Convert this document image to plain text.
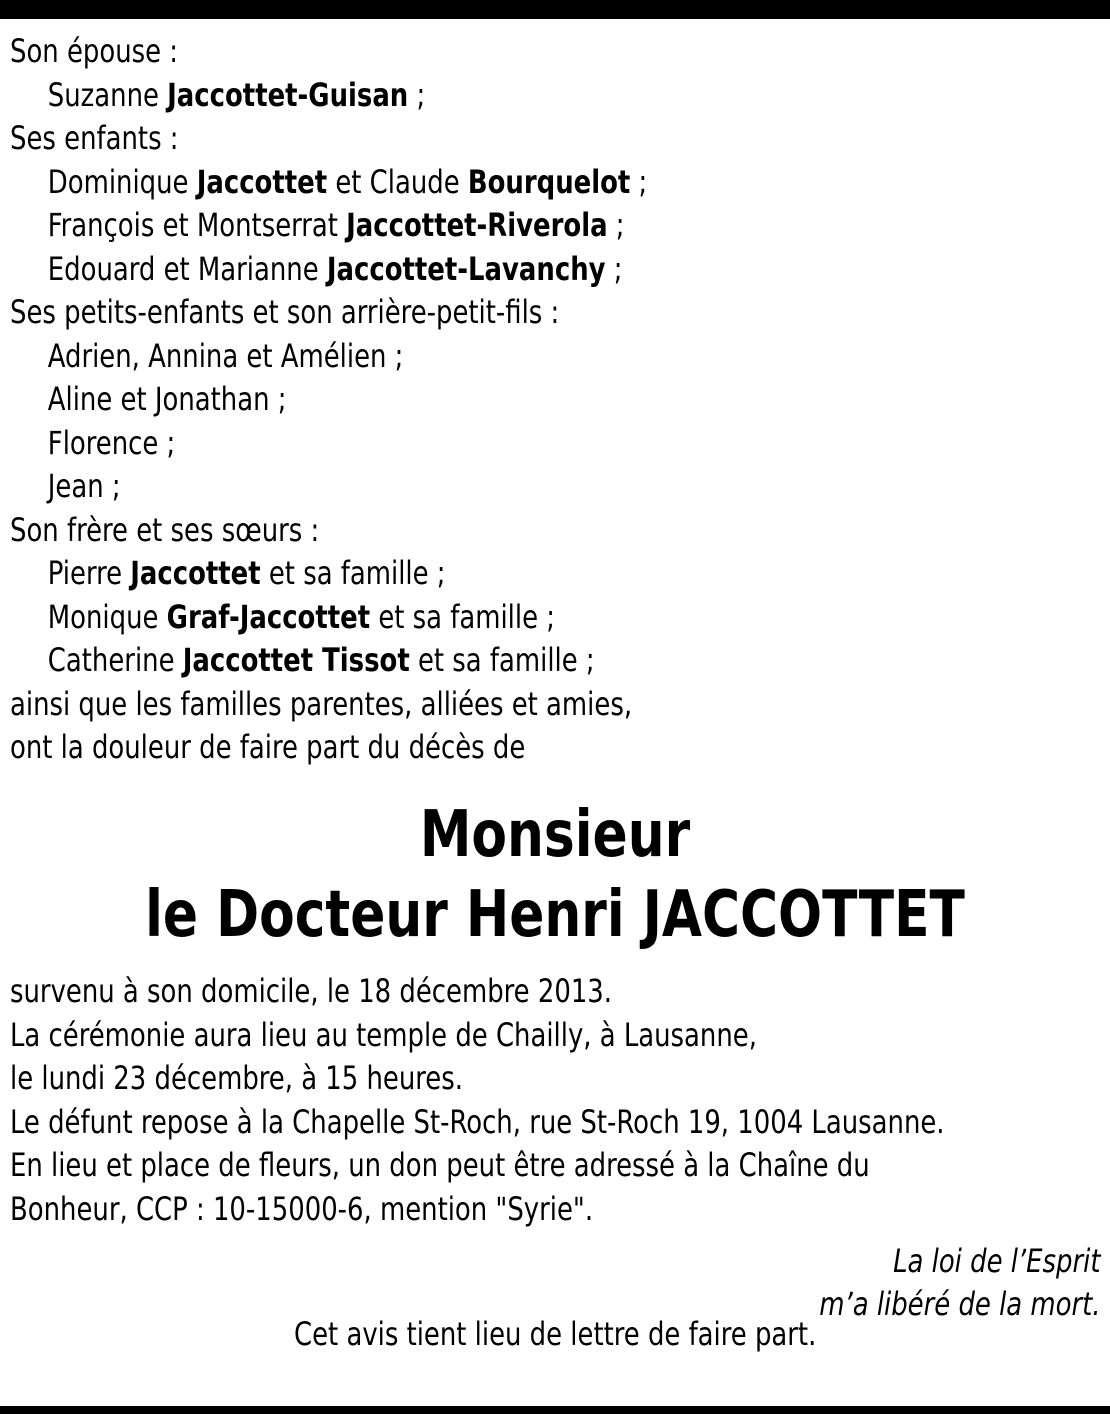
Son épouse :
Suzanne Jaccottet-Guisan ;
Ses enfants :
Dominique Jaccottet et Claude Bourquelot ;
François et Montserrat Jaccottet-Riverola ;
Edouard et Marianne Jaccottet-Lavanchy ;
Ses petits-enfants et son arrière-petit-fils :
Adrien, Annina et Amélien ;
Aline et Jonathan ;
Florence ;
Jean ;
Son frère et ses sœurs :
Pierre Jaccottet et sa famille ;
Monique Graf-Jaccottet et sa famille ;
Catherine Jaccottet Tissot et sa famille ;
ainsi que les familles parentes, alliées et amies,
ont la douleur de faire part du décès de
Monsieur
le Docteur Henri JACCOTTET
survenu à son domicile, le 18 décembre 2013.
La cérémonie aura lieu au temple de Chailly, à Lausanne,
le lundi 23 décembre, à 15 heures.
Le défunt repose à la Chapelle St-Roch, rue St-Roch 19, 1004 Lausanne.
En lieu et place de fleurs, un don peut être adressé à la Chaîne du
Bonheur, CCP : 10-15000-6, mention "Syrie".
La loi de l’Esprit
m’a libéré de la mort.
Cet avis tient lieu de lettre de faire part.
